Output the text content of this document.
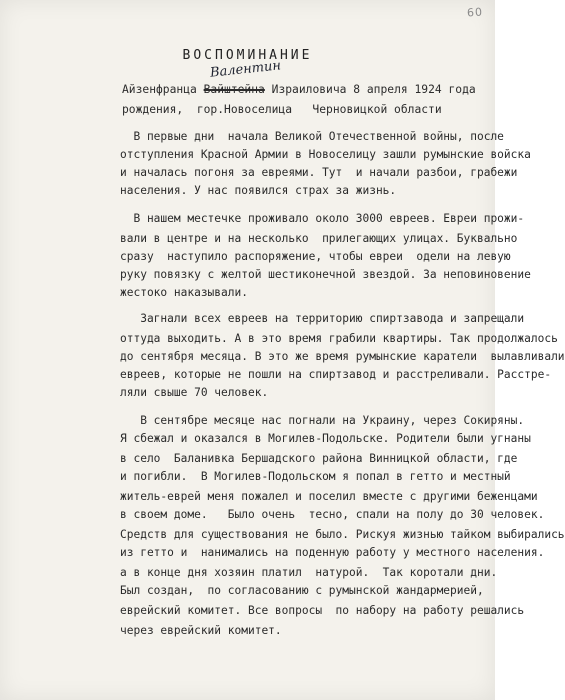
60
ВОСПОМИНАНИЕ
Валентин
Айзенфранца Вайштейна Израиловича 8 апреля 1924 года
рождения,  гор.Новоселица   Черновицкой области
В первые дни  начала Великой Отечественной войны, после
отступления Красной Армии в Новоселицу зашли румынские войска
и началась погоня за евреями. Тут  и начали разбои, грабежи
населения. У нас появился страх за жизнь.
В нашем местечке проживало около 3000 евреев. Евреи прожи-
вали в центре и на несколько  прилегающих улицах. Буквально
сразу  наступило распоряжение, чтобы евреи  одели на левую
руку повязку с желтой шестиконечной звездой. За неповиновение
жестоко наказывали.
Загнали всех евреев на территорию спиртзавода и запрещали
оттуда выходить. А в это время грабили квартиры. Так продолжалось
до сентября месяца. В это же время румынские каратели  вылавливали
евреев, которые не пошли на спиртзавод и расстреливали. Расстре-
ляли свыше 70 человек.
В сентябре месяце нас погнали на Украину, через Сокиряны.
Я сбежал и оказался в Могилев-Подольске. Родители были угнаны
в село  Баланивка Бершадского района Винницкой области, где
и погибли.  В Могилев-Подольском я попал в гетто и местный
житель-еврей меня пожалел и поселил вместе с другими беженцами
в своем доме.   Было очень  тесно, спали на полу до 30 человек.
Средств для существования не было. Рискуя жизнью тайком выбирались
из гетто и  нанимались на поденную работу у местного населения.
а в конце дня хозяин платил  натурой.  Так коротали дни.
Был создан,  по согласованию с румынской жандармерией,
еврейский комитет. Все вопросы  по набору на работу решались
через еврейский комитет.
